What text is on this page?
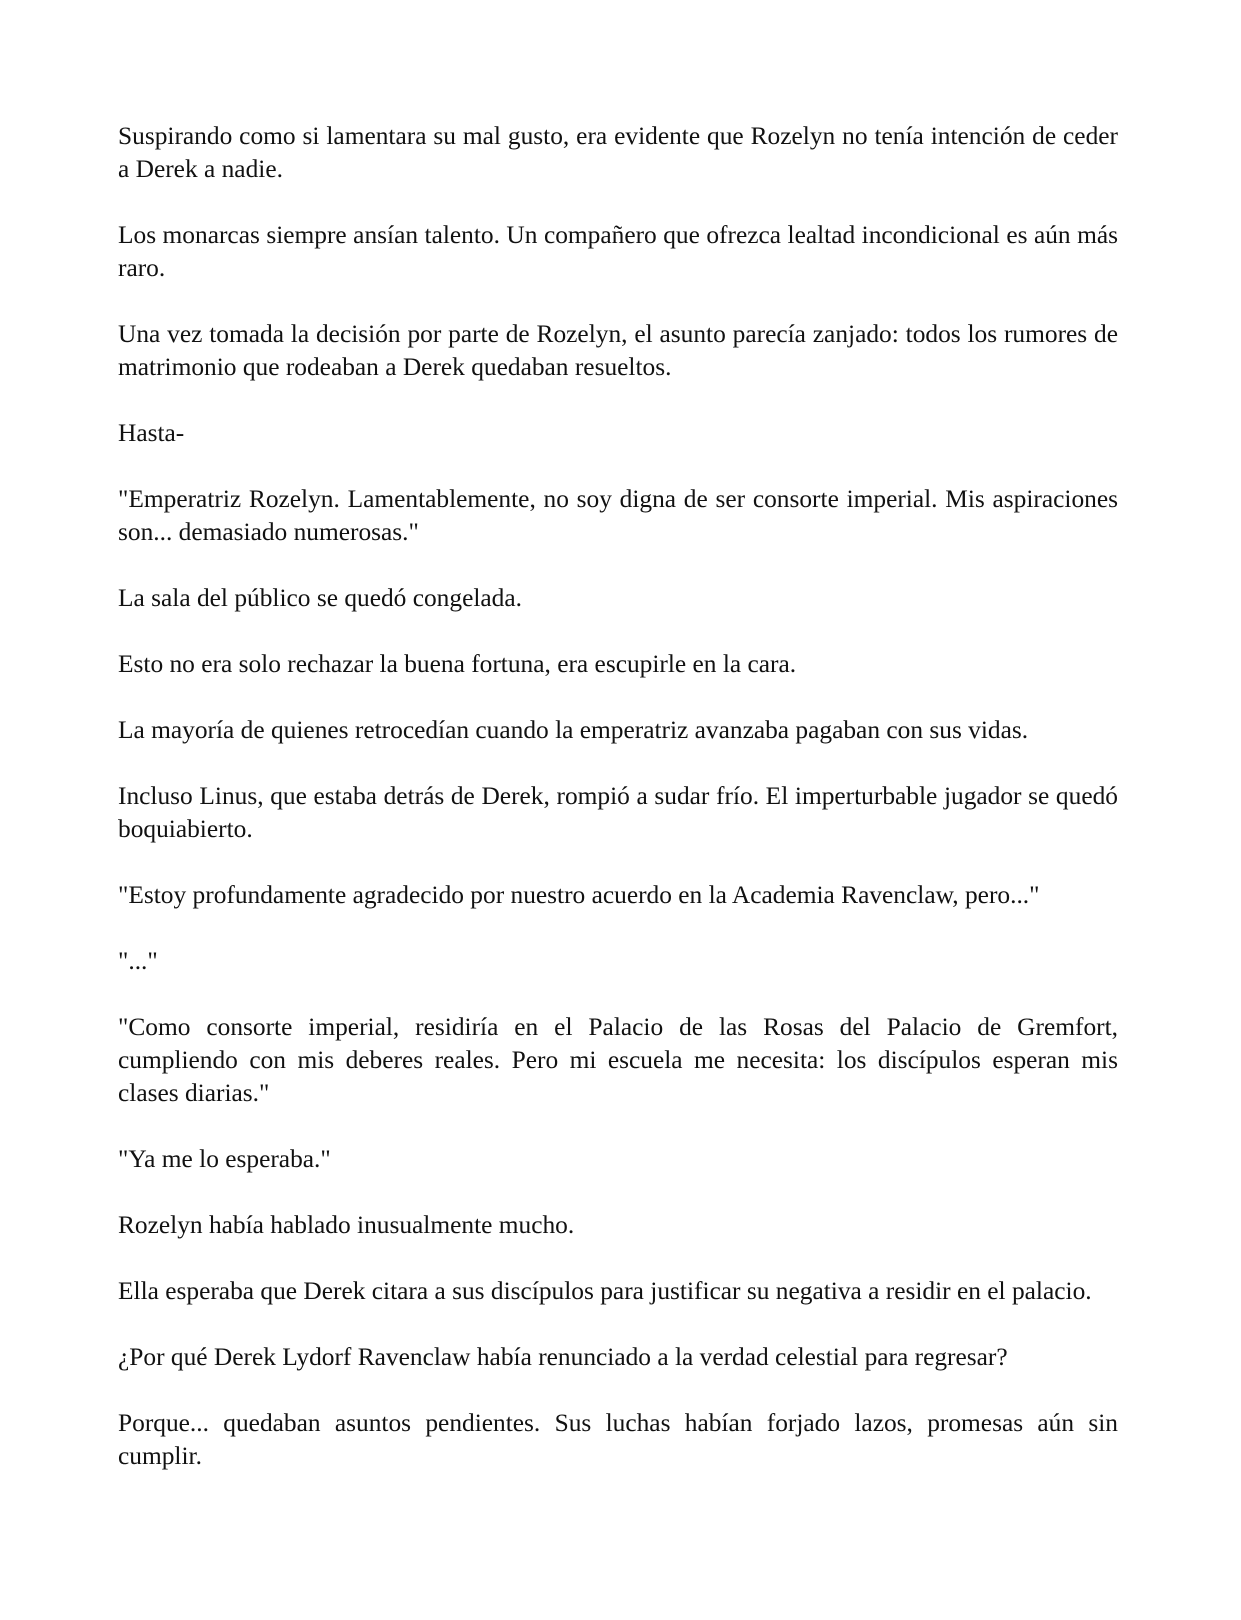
Suspirando como si lamentara su mal gusto, era evidente que Rozelyn no tenía intención de ceder a Derek a nadie.

Los monarcas siempre ansían talento. Un compañero que ofrezca lealtad incondicional es aún más raro.

Una vez tomada la decisión por parte de Rozelyn, el asunto parecía zanjado: todos los rumores de matrimonio que rodeaban a Derek quedaban resueltos.

Hasta-

"Emperatriz Rozelyn. Lamentablemente, no soy digna de ser consorte imperial. Mis aspiraciones son... demasiado numerosas."

La sala del público se quedó congelada.

Esto no era solo rechazar la buena fortuna, era escupirle en la cara.

La mayoría de quienes retrocedían cuando la emperatriz avanzaba pagaban con sus vidas.

Incluso Linus, que estaba detrás de Derek, rompió a sudar frío. El imperturbable jugador se quedó boquiabierto.

"Estoy profundamente agradecido por nuestro acuerdo en la Academia Ravenclaw, pero..."

"..."

"Como consorte imperial, residiría en el Palacio de las Rosas del Palacio de Gremfort, cumpliendo con mis deberes reales. Pero mi escuela me necesita: los discípulos esperan mis clases diarias."

"Ya me lo esperaba."

Rozelyn había hablado inusualmente mucho.

Ella esperaba que Derek citara a sus discípulos para justificar su negativa a residir en el palacio.

¿Por qué Derek Lydorf Ravenclaw había renunciado a la verdad celestial para regresar?

Porque... quedaban asuntos pendientes. Sus luchas habían forjado lazos, promesas aún sin cumplir.
